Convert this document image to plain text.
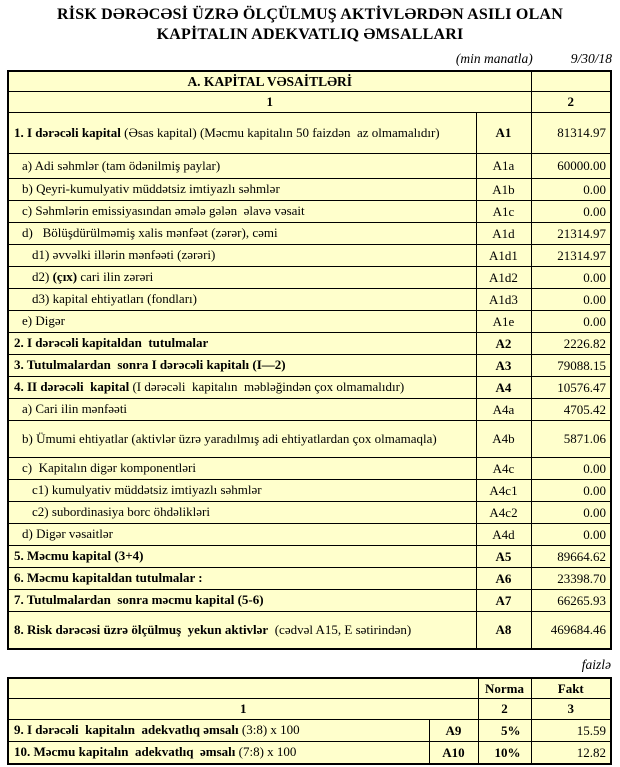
RİSK DƏRƏCƏSİ ÜZRƏ ÖLÇÜLMUŞ AKTİVLƏRDƏN ASILI OLAN
KAPİTALIN ADEKVATLIQ ƏMSALLARI
(min manatla)	9/30/18
A. KAPİTAL VƏSAİTLƏRİ		
1		2
1. I dərəcəli kapital (Əsas kapital) (Məcmu kapitalın 50 faizdən  az olmamalıdır)	A1	81314.97
a) Adi səhmlər (tam ödənilmiş paylar)	A1a	60000.00
b) Qeyri-kumulyativ müddətsiz imtiyazlı səhmlər	A1b	0.00
c) Səhmlərin emissiyasından əmələ gələn  əlavə vəsait	A1c	0.00
d)   Bölüşdürülməmiş xalis mənfəət (zərər), cəmi	A1d	21314.97
d1) əvvəlki illərin mənfəəti (zərəri)	A1d1	21314.97
d2) (çıx) cari ilin zərəri	A1d2	0.00
d3) kapital ehtiyatları (fondları)	A1d3	0.00
e) Digər	A1e	0.00
2. I dərəcəli kapitaldan  tutulmalar	A2	2226.82
3. Tutulmalardan  sonra I dərəcəli kapitalı (I—2)	A3	79088.15
4. II dərəcəli  kapital (I dərəcəli  kapitalın  məbləğindən çox olmamalıdır)	A4	10576.47
a) Cari ilin mənfəəti	A4a	4705.42
b) Ümumi ehtiyatlar (aktivlər üzrə yaradılmış adi ehtiyatlardan çox olmamaqla)	A4b	5871.06
c)  Kapitalın digər komponentləri	A4c	0.00
c1) kumulyativ müddətsiz imtiyazlı səhmlər	A4c1	0.00
c2) subordinasiya borc öhdəlikləri	A4c2	0.00
d) Digər vəsaitlər	A4d	0.00
5. Məcmu kapital (3+4)	A5	89664.62
6. Məcmu kapitaldan tutulmalar :	A6	23398.70
7. Tutulmalardan  sonra məcmu kapital (5-6)	A7	66265.93
8. Risk dərəcəsi üzrə ölçülmuş  yekun aktivlər  (cədvəl A15, E sətirindən)	A8	469684.46
faizlə
		Norma	Fakt
1		2	3
9. I dərəcəli  kapitalın  adekvatlıq əmsalı (3:8) x 100	A9	5%	15.59
10. Məcmu kapitalın  adekvatlıq  əmsalı (7:8) x 100	A10	10%	12.82
